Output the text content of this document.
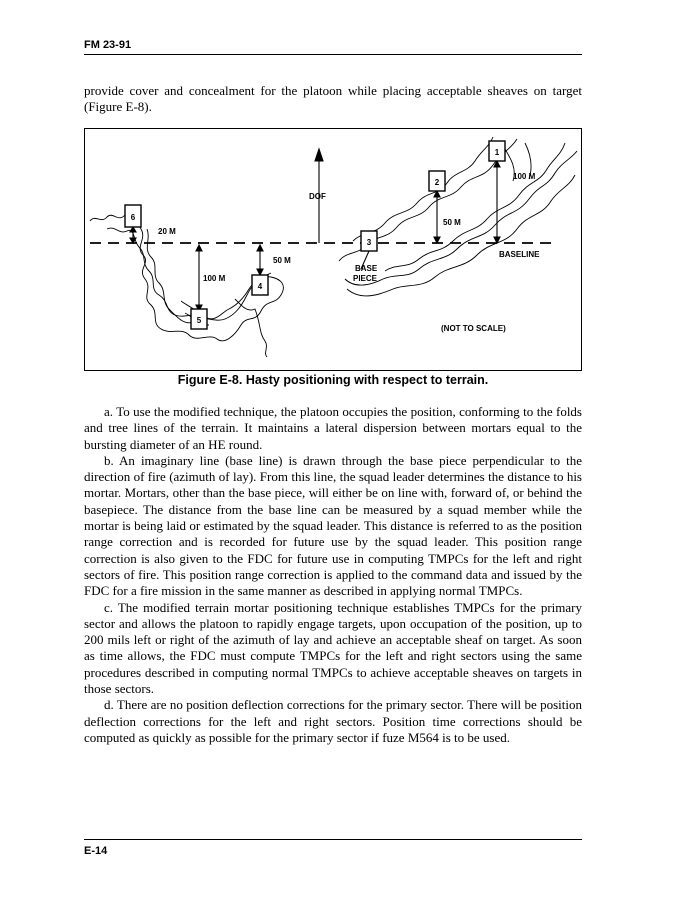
FM 23-91

provide cover and concealment for the platoon while placing acceptable sheaves on target (Figure E-8).

1
2
3
4
5
6
DOF
20 M
50 M
100 M
50 M
100 M
BASELINE
BASE
PIECE
(NOT TO SCALE)
Figure E-8. Hasty positioning with respect to terrain.

a. To use the modified technique, the platoon occupies the position, conforming to the folds and tree lines of the terrain. It maintains a lateral dispersion between mortars equal to the bursting diameter of an HE round.

b. An imaginary line (base line) is drawn through the base piece perpendicular to the direction of fire (azimuth of lay). From this line, the squad leader determines the distance to his mortar. Mortars, other than the base piece, will either be on line with, forward of, or behind the basepiece. The distance from the base line can be measured by a squad member while the mortar is being laid or estimated by the squad leader. This distance is referred to as the position range correction and is recorded for future use by the squad leader. This position range correction is also given to the FDC for future use in computing TMPCs for the left and right sectors of fire. This position range correction is applied to the command data and issued by the FDC for a fire mission in the same manner as described in applying normal TMPCs.

c. The modified terrain mortar positioning technique establishes TMPCs for the primary sector and allows the platoon to rapidly engage targets, upon occupation of the position, up to 200 mils left or right of the azimuth of lay and achieve an acceptable sheaf on target. As soon as time allows, the FDC must compute TMPCs for the left and right sectors using the same procedures described in computing normal TMPCs to achieve acceptable sheaves on targets in those sectors.

d. There are no position deflection corrections for the primary sector. There will be position deflection corrections for the left and right sectors. Position time corrections should be computed as quickly as possible for the primary sector if fuze M564 is to be used.

E-14
